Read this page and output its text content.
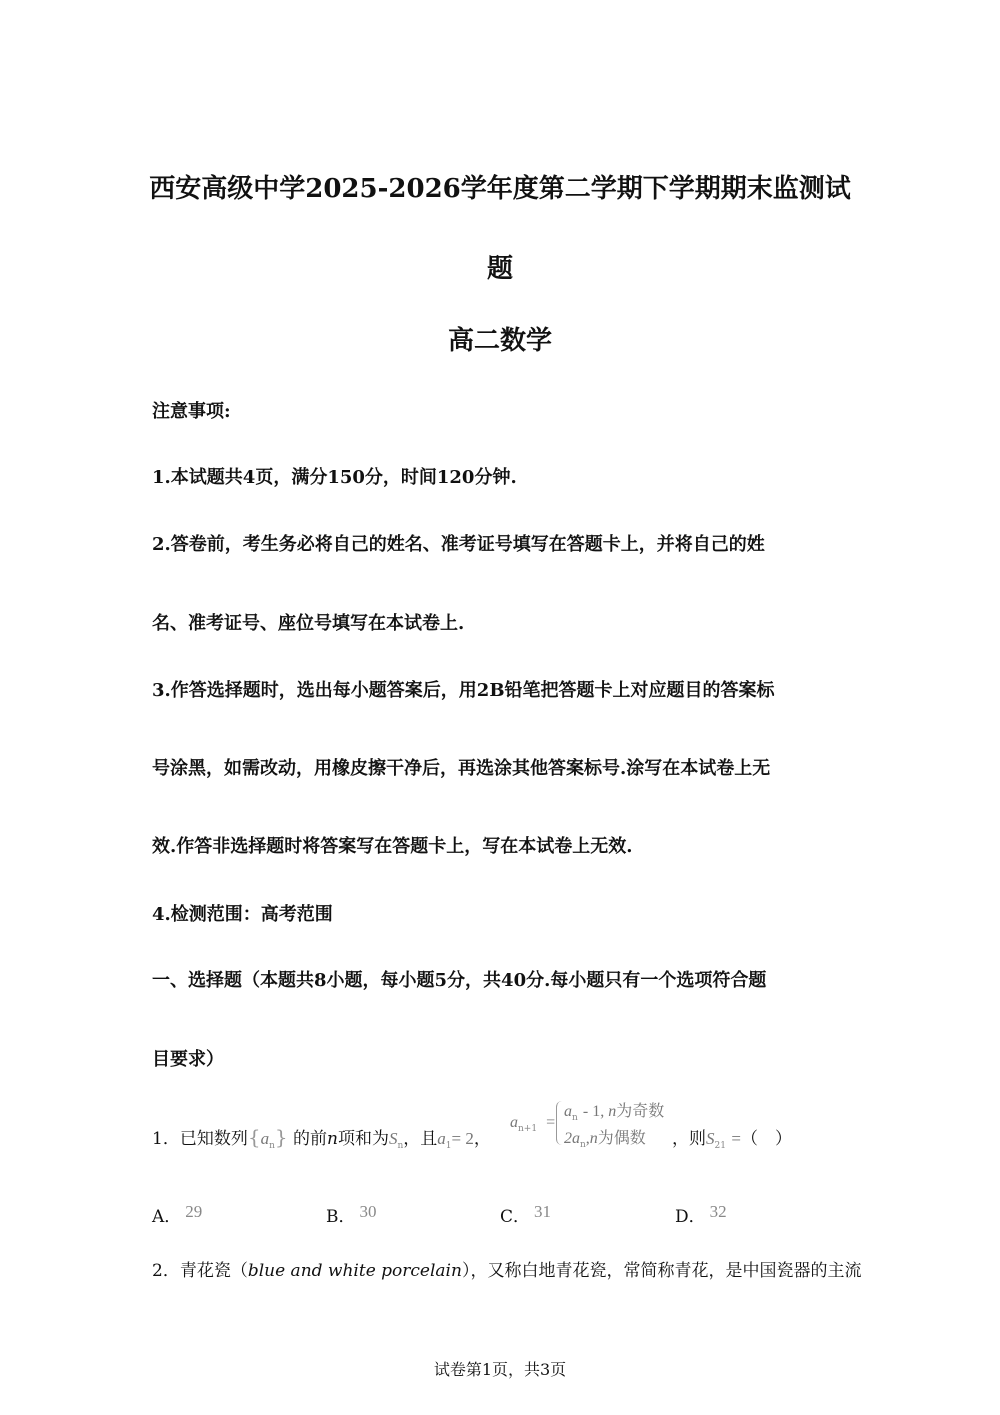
西安高级中学2025-2026学年度第二学期下学期期末监测试
题
高二数学
注意事项:
1.本试题共4页，满分150分，时间120分钟.
2.答卷前，考生务必将自己的姓名、准考证号填写在答题卡上，并将自己的姓
名、准考证号、座位号填写在本试卷上.
3.作答选择题时，选出每小题答案后，用2B铅笔把答题卡上对应题目的答案标
号涂黑，如需改动，用橡皮擦干净后，再选涂其他答案标号.涂写在本试卷上无
效.作答非选择题时将答案写在答题卡上，写在本试卷上无效.
4.检测范围：高考范围
一、选择题（本题共8小题，每小题5分，共40分.每小题只有一个选项符合题
目要求）
1．已知数列$\{a_n\}$ 的前n项和为$S_n$，且$a_1= 2$，
$a_{n+1}$ =
$a_n - 1$, n为奇数
$2a_n,n$为偶数 ，则$S_{21}$ =（　）
A． 29	B． 30	C． 31	D． 32
2．青花瓷（blue and white porcelain），又称白地青花瓷，常简称青花，是中国瓷器的主流
试卷第1页，共3页
